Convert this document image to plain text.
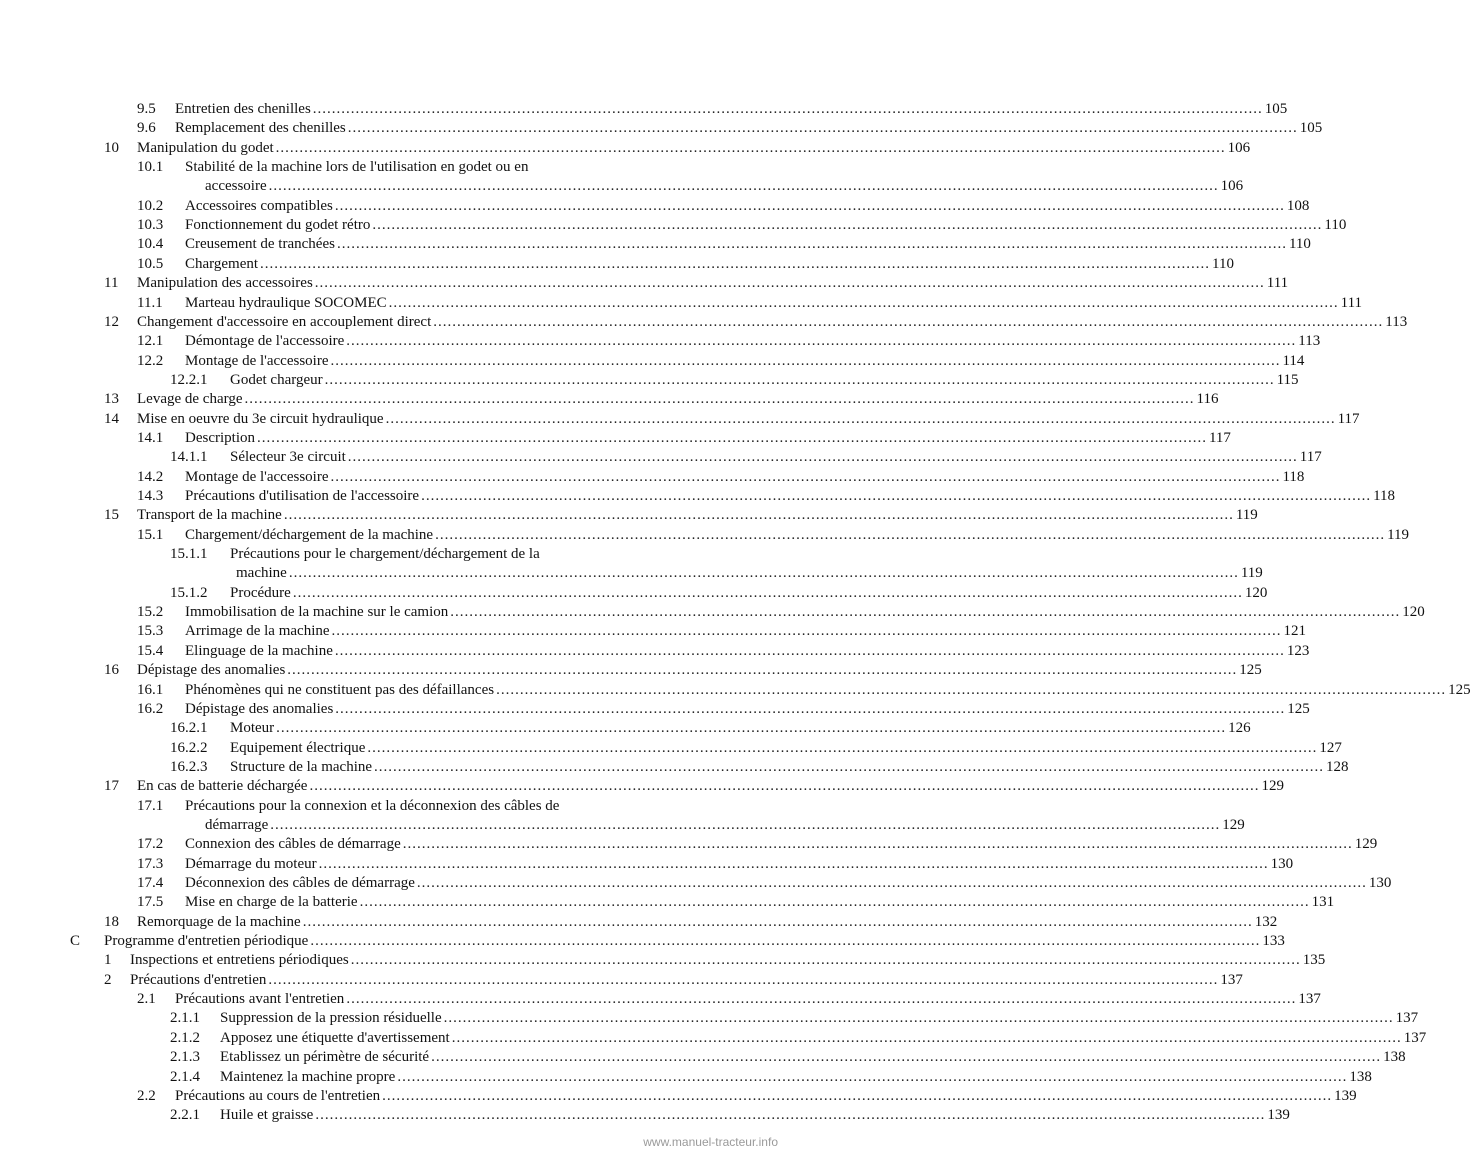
9.5 Entretien des chenilles ........................................................................................................................................................................................................ 105
9.6 Remplacement des chenilles ........................................................................................................................................................................................................ 105
10 Manipulation du godet ........................................................................................................................................................................................................ 106
10.1 Stabilité de la machine lors de l'utilisation en godet ou en
accessoire ........................................................................................................................................................................................................ 106
10.2 Accessoires compatibles ........................................................................................................................................................................................................ 108
10.3 Fonctionnement du godet rétro ........................................................................................................................................................................................................ 110
10.4 Creusement de tranchées ........................................................................................................................................................................................................ 110
10.5 Chargement ........................................................................................................................................................................................................ 110
11 Manipulation des accessoires ........................................................................................................................................................................................................ 111
11.1 Marteau hydraulique SOCOMEC ........................................................................................................................................................................................................ 111
12 Changement d'accessoire en accouplement direct ........................................................................................................................................................................................................ 113
12.1 Démontage de l'accessoire ........................................................................................................................................................................................................ 113
12.2 Montage de l'accessoire ........................................................................................................................................................................................................ 114
12.2.1 Godet chargeur ........................................................................................................................................................................................................ 115
13 Levage de charge ........................................................................................................................................................................................................ 116
14 Mise en oeuvre du 3e circuit hydraulique ........................................................................................................................................................................................................ 117
14.1 Description ........................................................................................................................................................................................................ 117
14.1.1 Sélecteur 3e circuit ........................................................................................................................................................................................................ 117
14.2 Montage de l'accessoire ........................................................................................................................................................................................................ 118
14.3 Précautions d'utilisation de l'accessoire ........................................................................................................................................................................................................ 118
15 Transport de la machine ........................................................................................................................................................................................................ 119
15.1 Chargement/déchargement de la machine ........................................................................................................................................................................................................ 119
15.1.1 Précautions pour le chargement/déchargement de la
machine ........................................................................................................................................................................................................ 119
15.1.2 Procédure ........................................................................................................................................................................................................ 120
15.2 Immobilisation de la machine sur le camion ........................................................................................................................................................................................................ 120
15.3 Arrimage de la machine ........................................................................................................................................................................................................ 121
15.4 Elinguage de la machine ........................................................................................................................................................................................................ 123
16 Dépistage des anomalies ........................................................................................................................................................................................................ 125
16.1 Phénomènes qui ne constituent pas des défaillances ........................................................................................................................................................................................................ 125
16.2 Dépistage des anomalies ........................................................................................................................................................................................................ 125
16.2.1 Moteur ........................................................................................................................................................................................................ 126
16.2.2 Equipement électrique ........................................................................................................................................................................................................ 127
16.2.3 Structure de la machine ........................................................................................................................................................................................................ 128
17 En cas de batterie déchargée ........................................................................................................................................................................................................ 129
17.1 Précautions pour la connexion et la déconnexion des câbles de
démarrage ........................................................................................................................................................................................................ 129
17.2 Connexion des câbles de démarrage ........................................................................................................................................................................................................ 129
17.3 Démarrage du moteur ........................................................................................................................................................................................................ 130
17.4 Déconnexion des câbles de démarrage ........................................................................................................................................................................................................ 130
17.5 Mise en charge de la batterie ........................................................................................................................................................................................................ 131
18 Remorquage de la machine ........................................................................................................................................................................................................ 132
C Programme d'entretien périodique ........................................................................................................................................................................................................ 133
1 Inspections et entretiens périodiques ........................................................................................................................................................................................................ 135
2 Précautions d'entretien ........................................................................................................................................................................................................ 137
2.1 Précautions avant l'entretien ........................................................................................................................................................................................................ 137
2.1.1 Suppression de la pression résiduelle ........................................................................................................................................................................................................ 137
2.1.2 Apposez une étiquette d'avertissement ........................................................................................................................................................................................................ 137
2.1.3 Etablissez un périmètre de sécurité ........................................................................................................................................................................................................ 138
2.1.4 Maintenez la machine propre ........................................................................................................................................................................................................ 138
2.2 Précautions au cours de l'entretien ........................................................................................................................................................................................................ 139
2.2.1 Huile et graisse ........................................................................................................................................................................................................ 139
www.manuel-tracteur.info
